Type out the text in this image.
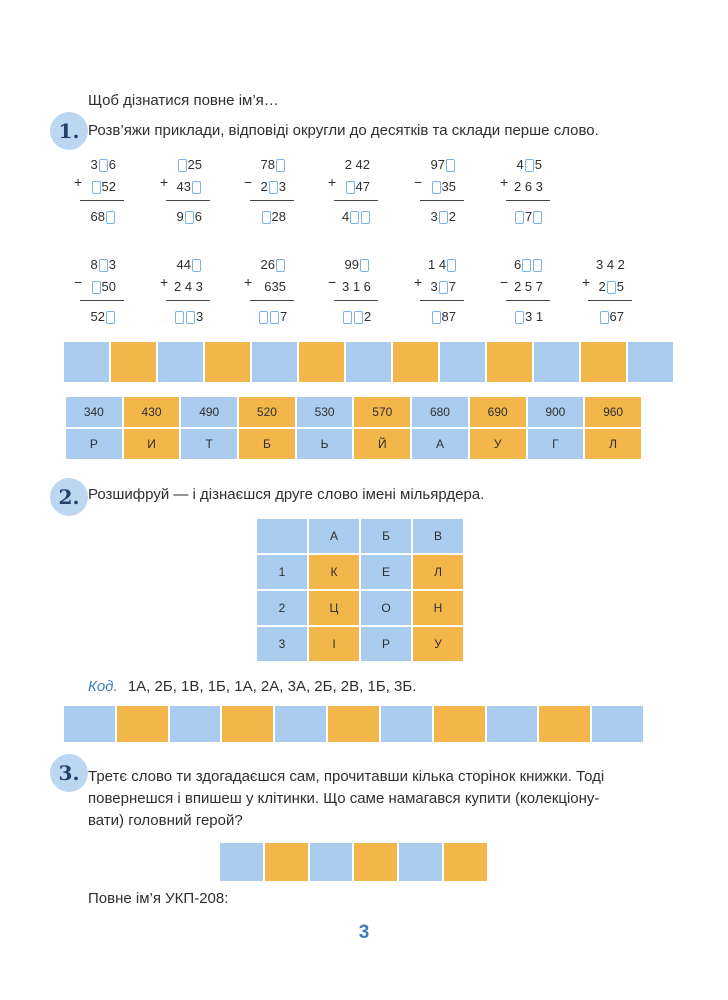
Щоб дізнатися повне ім’я…
1. Розв’яжи приклади, відповіді округли до десятків та склади перше слово.
+
3 6
52
68
+
25
43
9 6
−
78
2 3
28
+
2 42
47
4
−
97
35
3 2
+
4 5
2 6 3
7
−
8 3
50
52
+
44
2 4 3
3
+
26
635
7
−
99
3 1 6
2
+
1 4
3 7
87
−
6
2 5 7
3 1
+
3 4 2
2 5
67
340	430	490	520	530	570	680	690	900	960
Р	И	Т	Б	Ь	Й	А	У	Г	Л
2. Розшифруй — і дізнаєшся друге слово імені мільярдера.
	А	Б	В
1	К	Е	Л
2	Ц	О	Н
3	І	Р	У
Код. 1А, 2Б, 1В, 1Б, 1А, 2А, 3А, 2Б, 2В, 1Б, 3Б.
3. Третє слово ти здогадаєшся сам, прочитавши кілька сторінок книжки. Тоді
повернешся і впишеш у клітинки. Що саме намагався купити (колекціону-
вати) головний герой?
Повне ім’я УКП-208:
3
